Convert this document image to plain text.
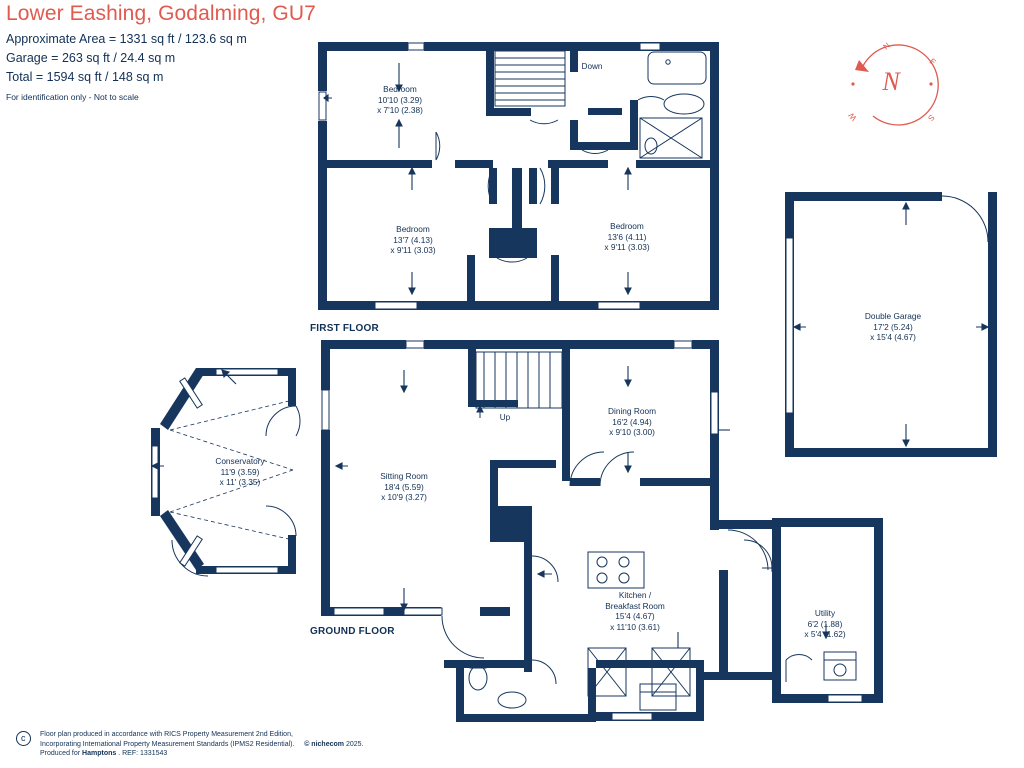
Lower Eashing, Godalming, GU7
Approximate Area = 1331 sq ft / 123.6 sq m
Garage = 263 sq ft / 24.4 sq m
Total = 1594 sq ft / 148 sq m
For identification only - Not to scale
FIRST FLOOR
GROUND FLOOR
Bedroom
10'10 (3.29)
x 7'10 (2.38)
Bedroom
13'7 (4.13)
x 9'11 (3.03)
Bedroom
13'6 (4.11)
x 9'11 (3.03)
Double Garage
17'2 (5.24)
x 15'4 (4.67)
Conservatory
11'9 (3.59)
x 11' (3.35)
Sitting Room
18'4 (5.59)
x 10'9 (3.27)
Dining Room
16'2 (4.94)
x 9'10 (3.00)
Kitchen /
Breakfast Room
15'4 (4.67)
x 11'10 (3.61)
Utility
6'2 (1.88)
x 5'4 (1.62)
Down
Up
N
N
E
S
W
c
Floor plan produced in accordance with RICS Property Measurement 2nd Edition,
Incorporating International Property Measurement Standards (IPMS2 Residential). © nichecom 2025.
Produced for Hamptons . REF: 1331543
